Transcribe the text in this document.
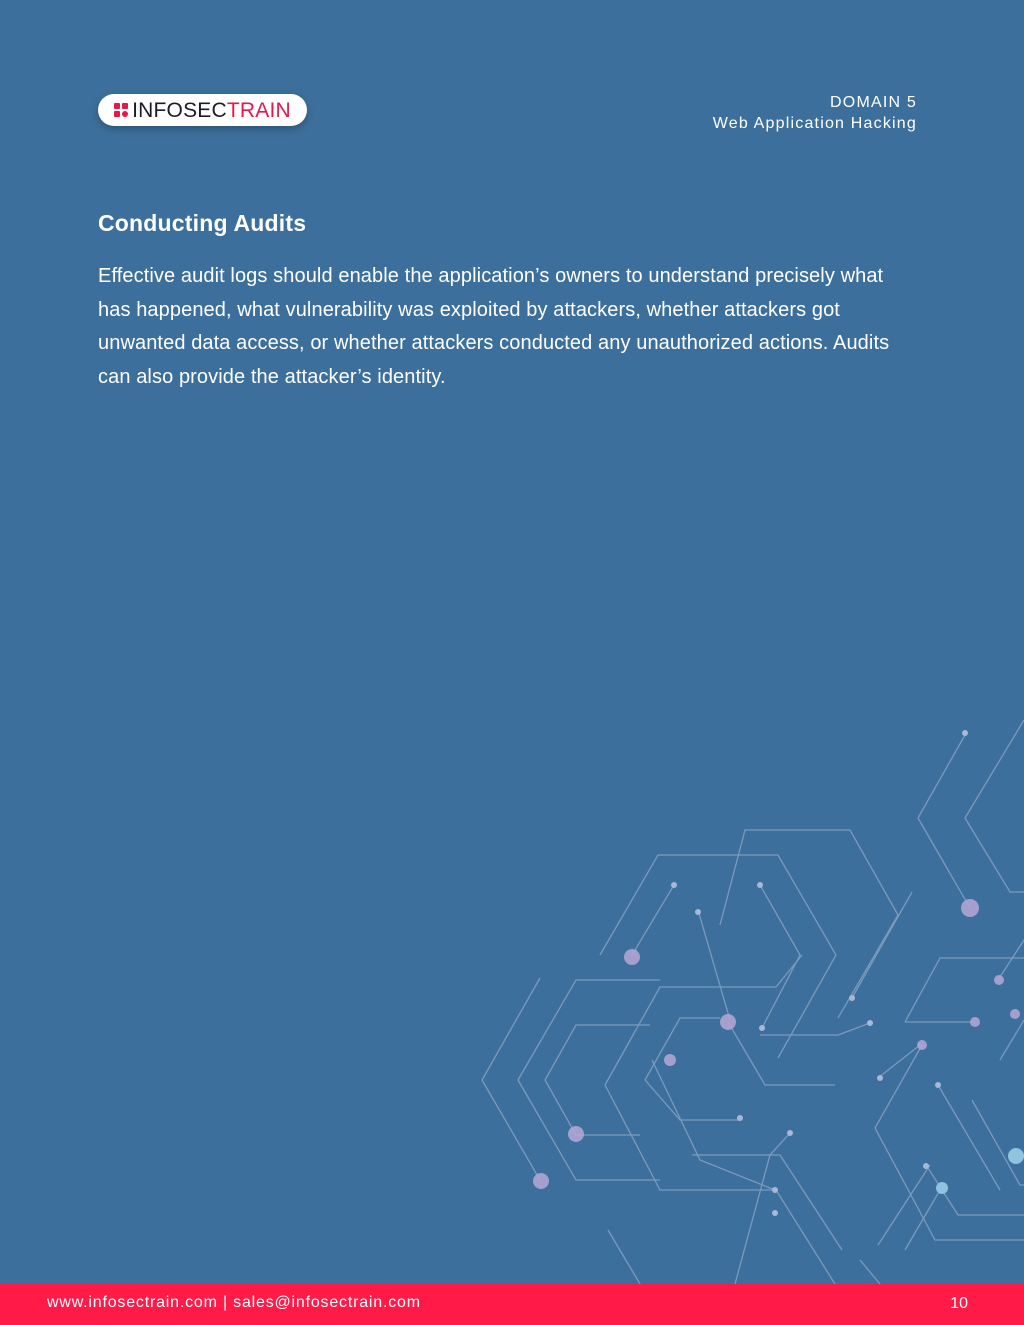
INFOSECTRAIN	DOMAIN 5
Web Application Hacking
Conducting Audits

Effective audit logs should enable the application’s owners to understand precisely what has happened, what vulnerability was exploited by attackers, whether attackers got unwanted data access, or whether attackers conducted any unauthorized actions. Audits can also provide the attacker’s identity.

www.infosectrain.com | sales@infosectrain.com	10
